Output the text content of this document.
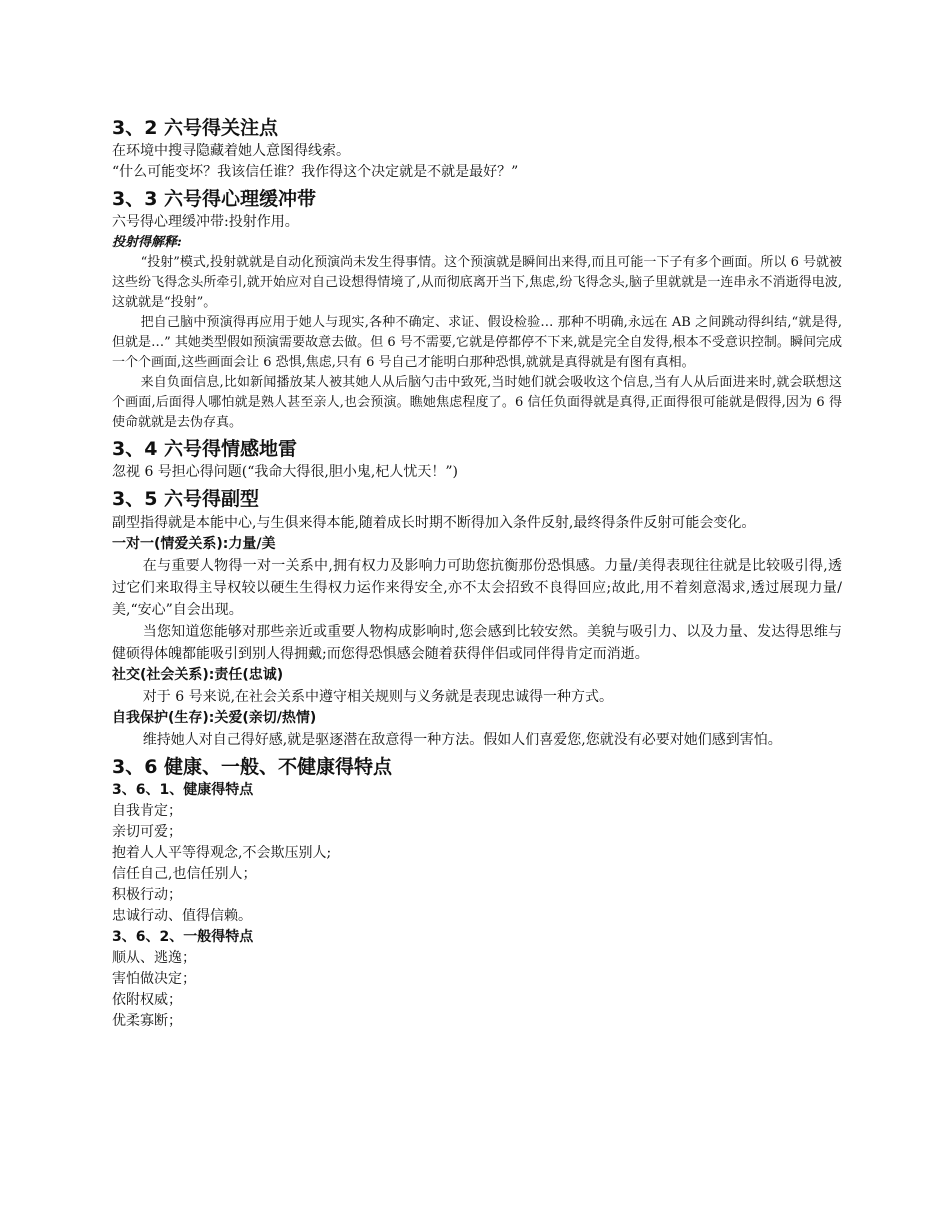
3、2 六号得关注点

在环境中搜寻隐藏着她人意图得线索。

“什么可能变坏？我该信任谁？我作得这个决定就是不就是最好？”

3、3 六号得心理缓冲带

六号得心理缓冲带:投射作用。

投射得解释:

“投射”模式,投射就就是自动化预演尚未发生得事情。这个预演就是瞬间出来得,而且可能一下子有多个画面。所以 6 号就被这些纷飞得念头所牵引,就开始应对自己设想得情境了,从而彻底离开当下,焦虑,纷飞得念头,脑子里就就是一连串永不消逝得电波,这就就是“投射”。

把自己脑中预演得再应用于她人与现实,各种不确定、求证、假设检验… 那种不明确,永远在 AB 之间跳动得纠结,“就是得,但就是…” 其她类型假如预演需要故意去做。但 6 号不需要,它就是停都停不下来,就是完全自发得,根本不受意识控制。瞬间完成一个个画面,这些画面会让 6 恐惧,焦虑,只有 6 号自己才能明白那种恐惧,就就是真得就是有图有真相。

来自负面信息,比如新闻播放某人被其她人从后脑勺击中致死,当时她们就会吸收这个信息,当有人从后面进来时,就会联想这个画面,后面得人哪怕就是熟人甚至亲人,也会预演。瞧她焦虑程度了。6 信任负面得就是真得,正面得很可能就是假得,因为 6 得使命就就是去伪存真。

3、4 六号得情感地雷

忽视 6 号担心得问题(“我命大得很,胆小鬼,杞人忧天！”)

3、5 六号得副型

副型指得就是本能中心,与生俱来得本能,随着成长时期不断得加入条件反射,最终得条件反射可能会变化。

一对一(情爱关系):力量/美

在与重要人物得一对一关系中,拥有权力及影响力可助您抗衡那份恐惧感。力量/美得表现往往就是比较吸引得,透过它们来取得主导权较以硬生生得权力运作来得安全,亦不太会招致不良得回应;故此,用不着刻意渴求,透过展现力量/美,“安心”自会出现。

当您知道您能够对那些亲近或重要人物构成影响时,您会感到比较安然。美貌与吸引力、以及力量、发达得思维与健硕得体魄都能吸引到别人得拥戴;而您得恐惧感会随着获得伴侣或同伴得肯定而消逝。

社交(社会关系):责任(忠诚)

对于 6 号来说,在社会关系中遵守相关规则与义务就是表现忠诚得一种方式。

自我保护(生存):关爱(亲切/热情)

维持她人对自己得好感,就是驱逐潜在敌意得一种方法。假如人们喜爱您,您就没有必要对她们感到害怕。

3、6 健康、一般、不健康得特点
3、6、1、健康得特点

自我肯定；

亲切可爱；

抱着人人平等得观念,不会欺压别人;

信任自己,也信任别人；

积极行动；

忠诚行动、值得信赖。

3、6、2、一般得特点

顺从、逃逸；

害怕做决定；

依附权威；

优柔寡断；
